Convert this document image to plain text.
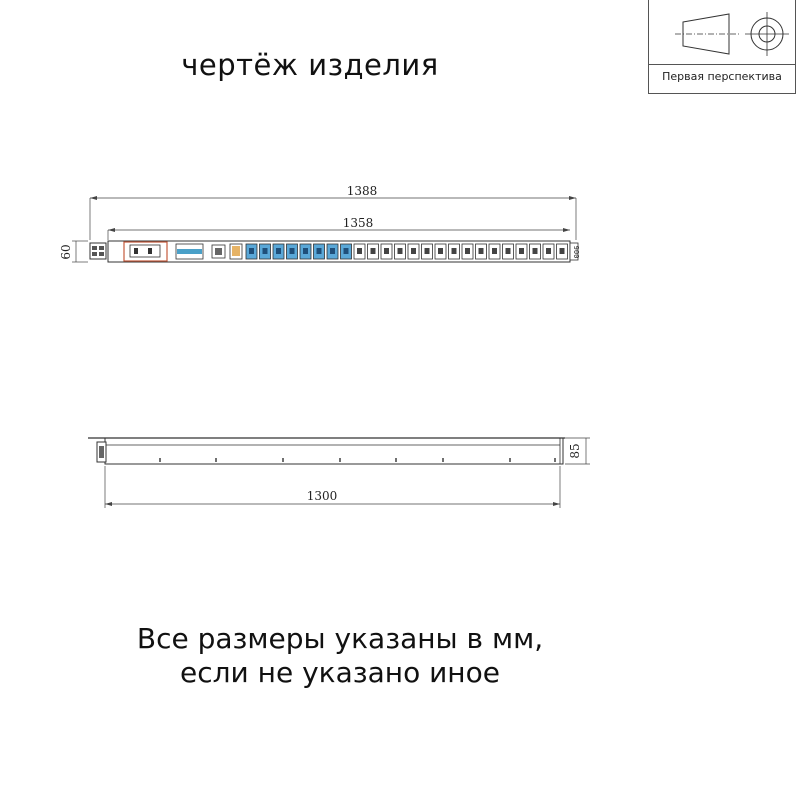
чертёж изделия	Первая перспектива
1388
1358
60	900
85
1300
Все размеры указаны в мм,
если не указано иное
